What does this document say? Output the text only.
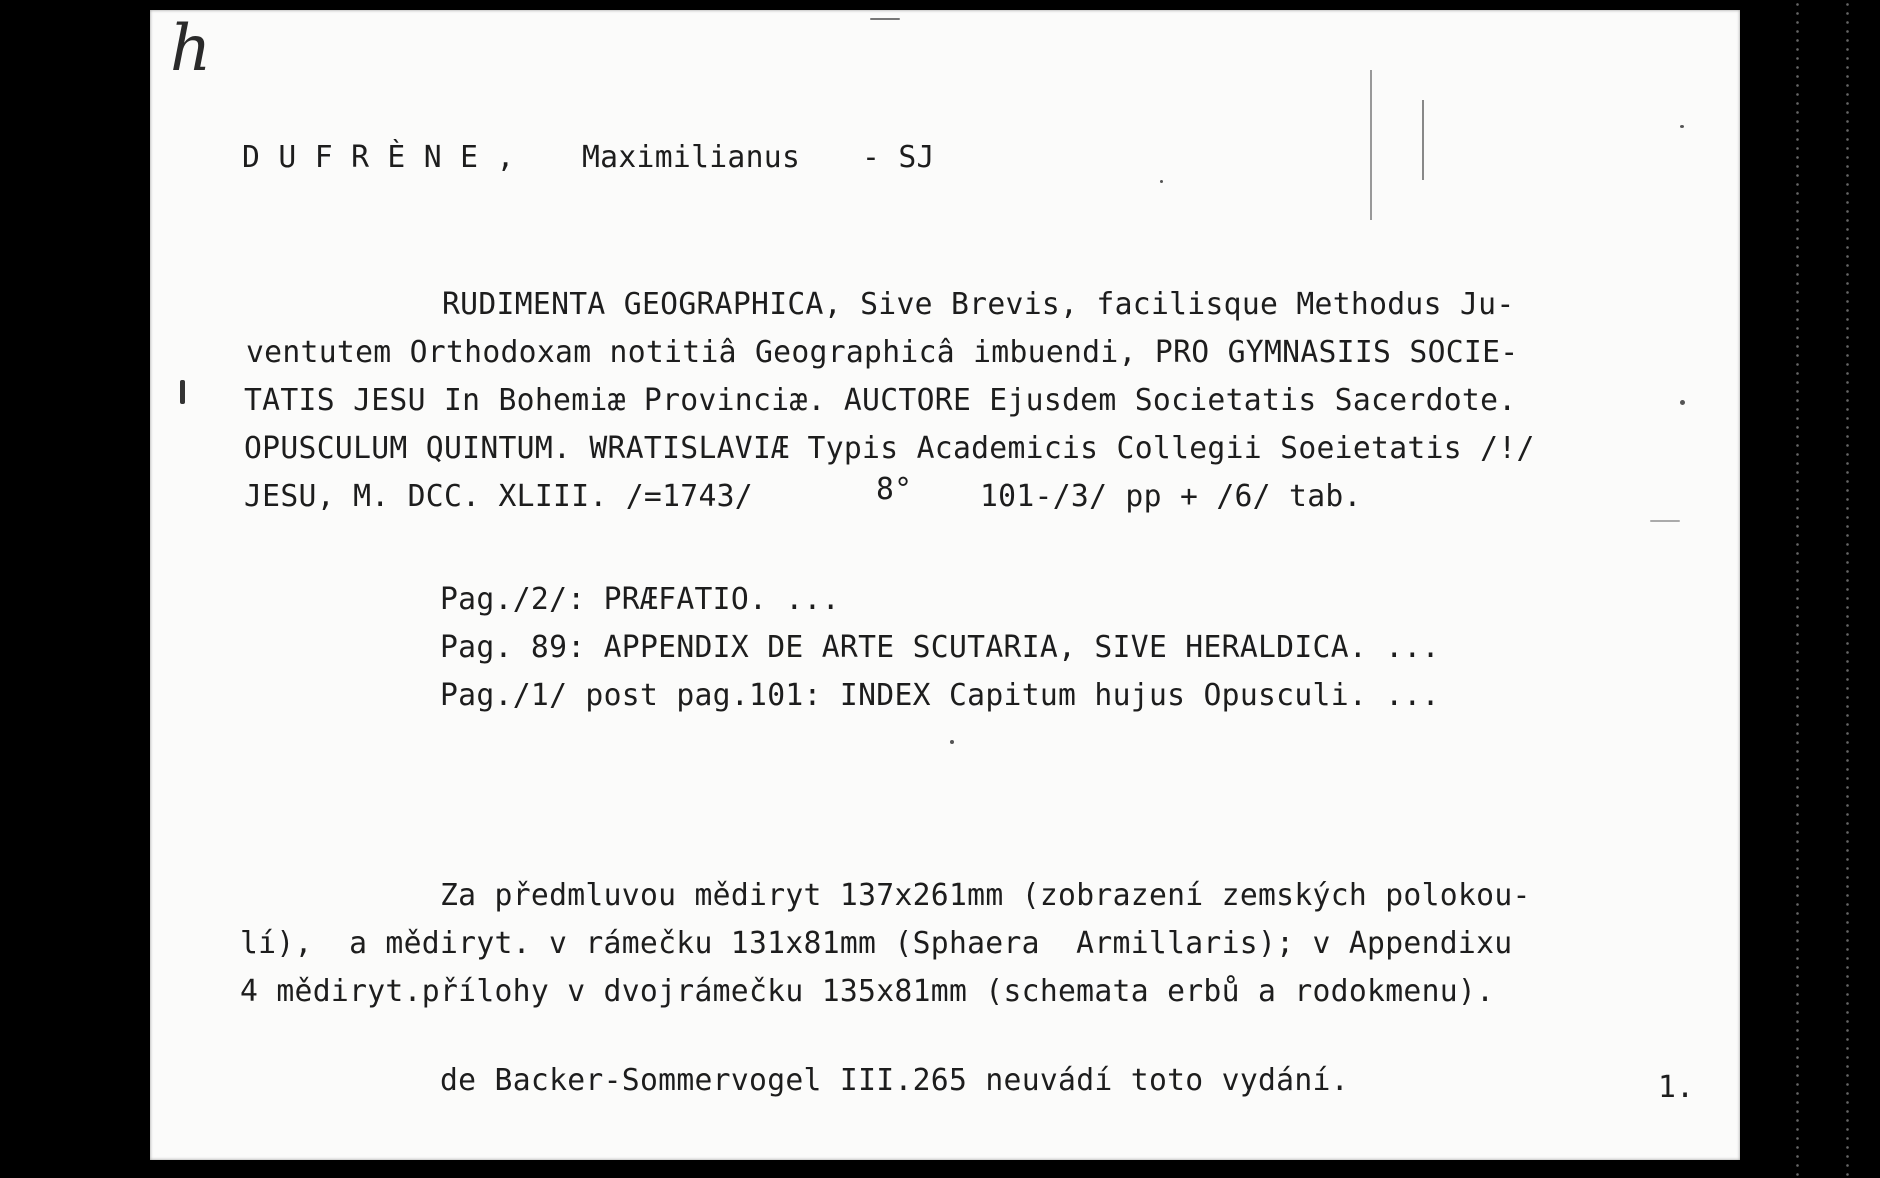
h
D U F R È N E , Maximilianus - SJ
RUDIMENTA GEOGRAPHICA, Sive Brevis, facilisque Methodus Ju-
ventutem Orthodoxam notitiâ Geographicâ imbuendi, PRO GYMNASIIS SOCIE-
TATIS JESU In Bohemiæ Provinciæ. AUCTORE Ejusdem Societatis Sacerdote.
OPUSCULUM QUINTUM. WRATISLAVIÆ Typis Academicis Collegii Soeietatis /!/
JESU, M. DCC. XLIII. /=1743/	8° 101-/3/ pp + /6/ tab.
Pag./2/: PRÆFATIO. ...
Pag. 89: APPENDIX DE ARTE SCUTARIA, SIVE HERALDICA. ...
Pag./1/ post pag.101: INDEX Capitum hujus Opusculi. ...
Za předmluvou mědiryt 137x261mm (zobrazení zemských polokou-
lí),  a mědiryt. v rámečku 131x81mm (Sphaera  Armillaris); v Appendixu
4 mědiryt.přílohy v dvojrámečku 135x81mm (schemata erbů a rodokmenu).
de Backer-Sommervogel III.265 neuvádí toto vydání.	1.
